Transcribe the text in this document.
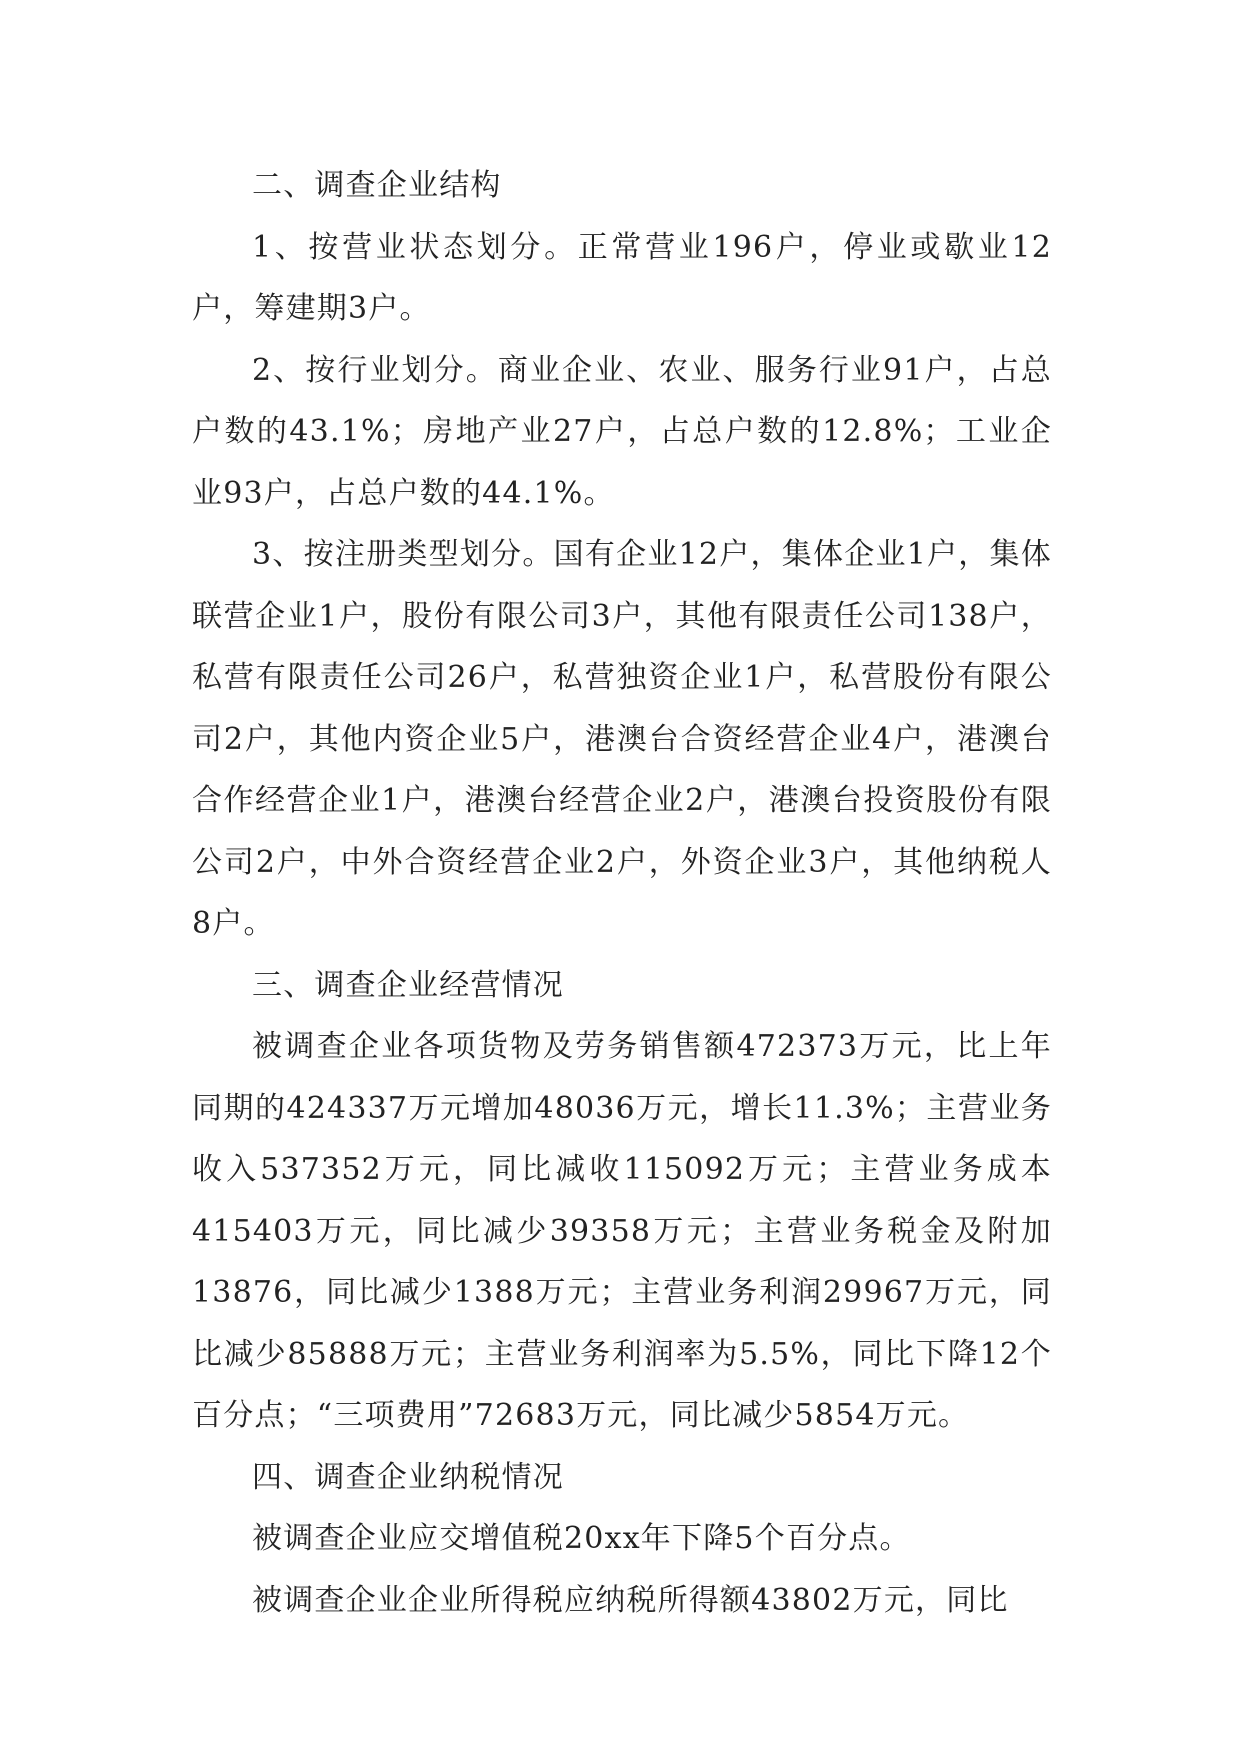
二、调查企业结构

1、按营业状态划分。正常营业196户，停业或歇业12户，筹建期3户。

2、按行业划分。商业企业、农业、服务行业91户，占总户数的43.1%；房地产业27户，占总户数的12.8%；工业企业93户，占总户数的44.1%。

3、按注册类型划分。国有企业12户，集体企业1户，集体联营企业1户，股份有限公司3户，其他有限责任公司138户，私营有限责任公司26户，私营独资企业1户，私营股份有限公司2户，其他内资企业5户，港澳台合资经营企业4户，港澳台合作经营企业1户，港澳台经营企业2户，港澳台投资股份有限公司2户，中外合资经营企业2户，外资企业3户，其他纳税人8户。

三、调查企业经营情况

被调查企业各项货物及劳务销售额472373万元，比上年同期的424337万元增加48036万元，增长11.3%；主营业务收入537352万元，同比减收115092万元；主营业务成本415403万元，同比减少39358万元；主营业务税金及附加13876，同比减少1388万元；主营业务利润29967万元，同比减少85888万元；主营业务利润率为5.5%，同比下降12个百分点；“三项费用”72683万元，同比减少5854万元。

四、调查企业纳税情况

被调查企业应交增值税20xx年下降5个百分点。

被调查企业企业所得税应纳税所得额43802万元，同比
